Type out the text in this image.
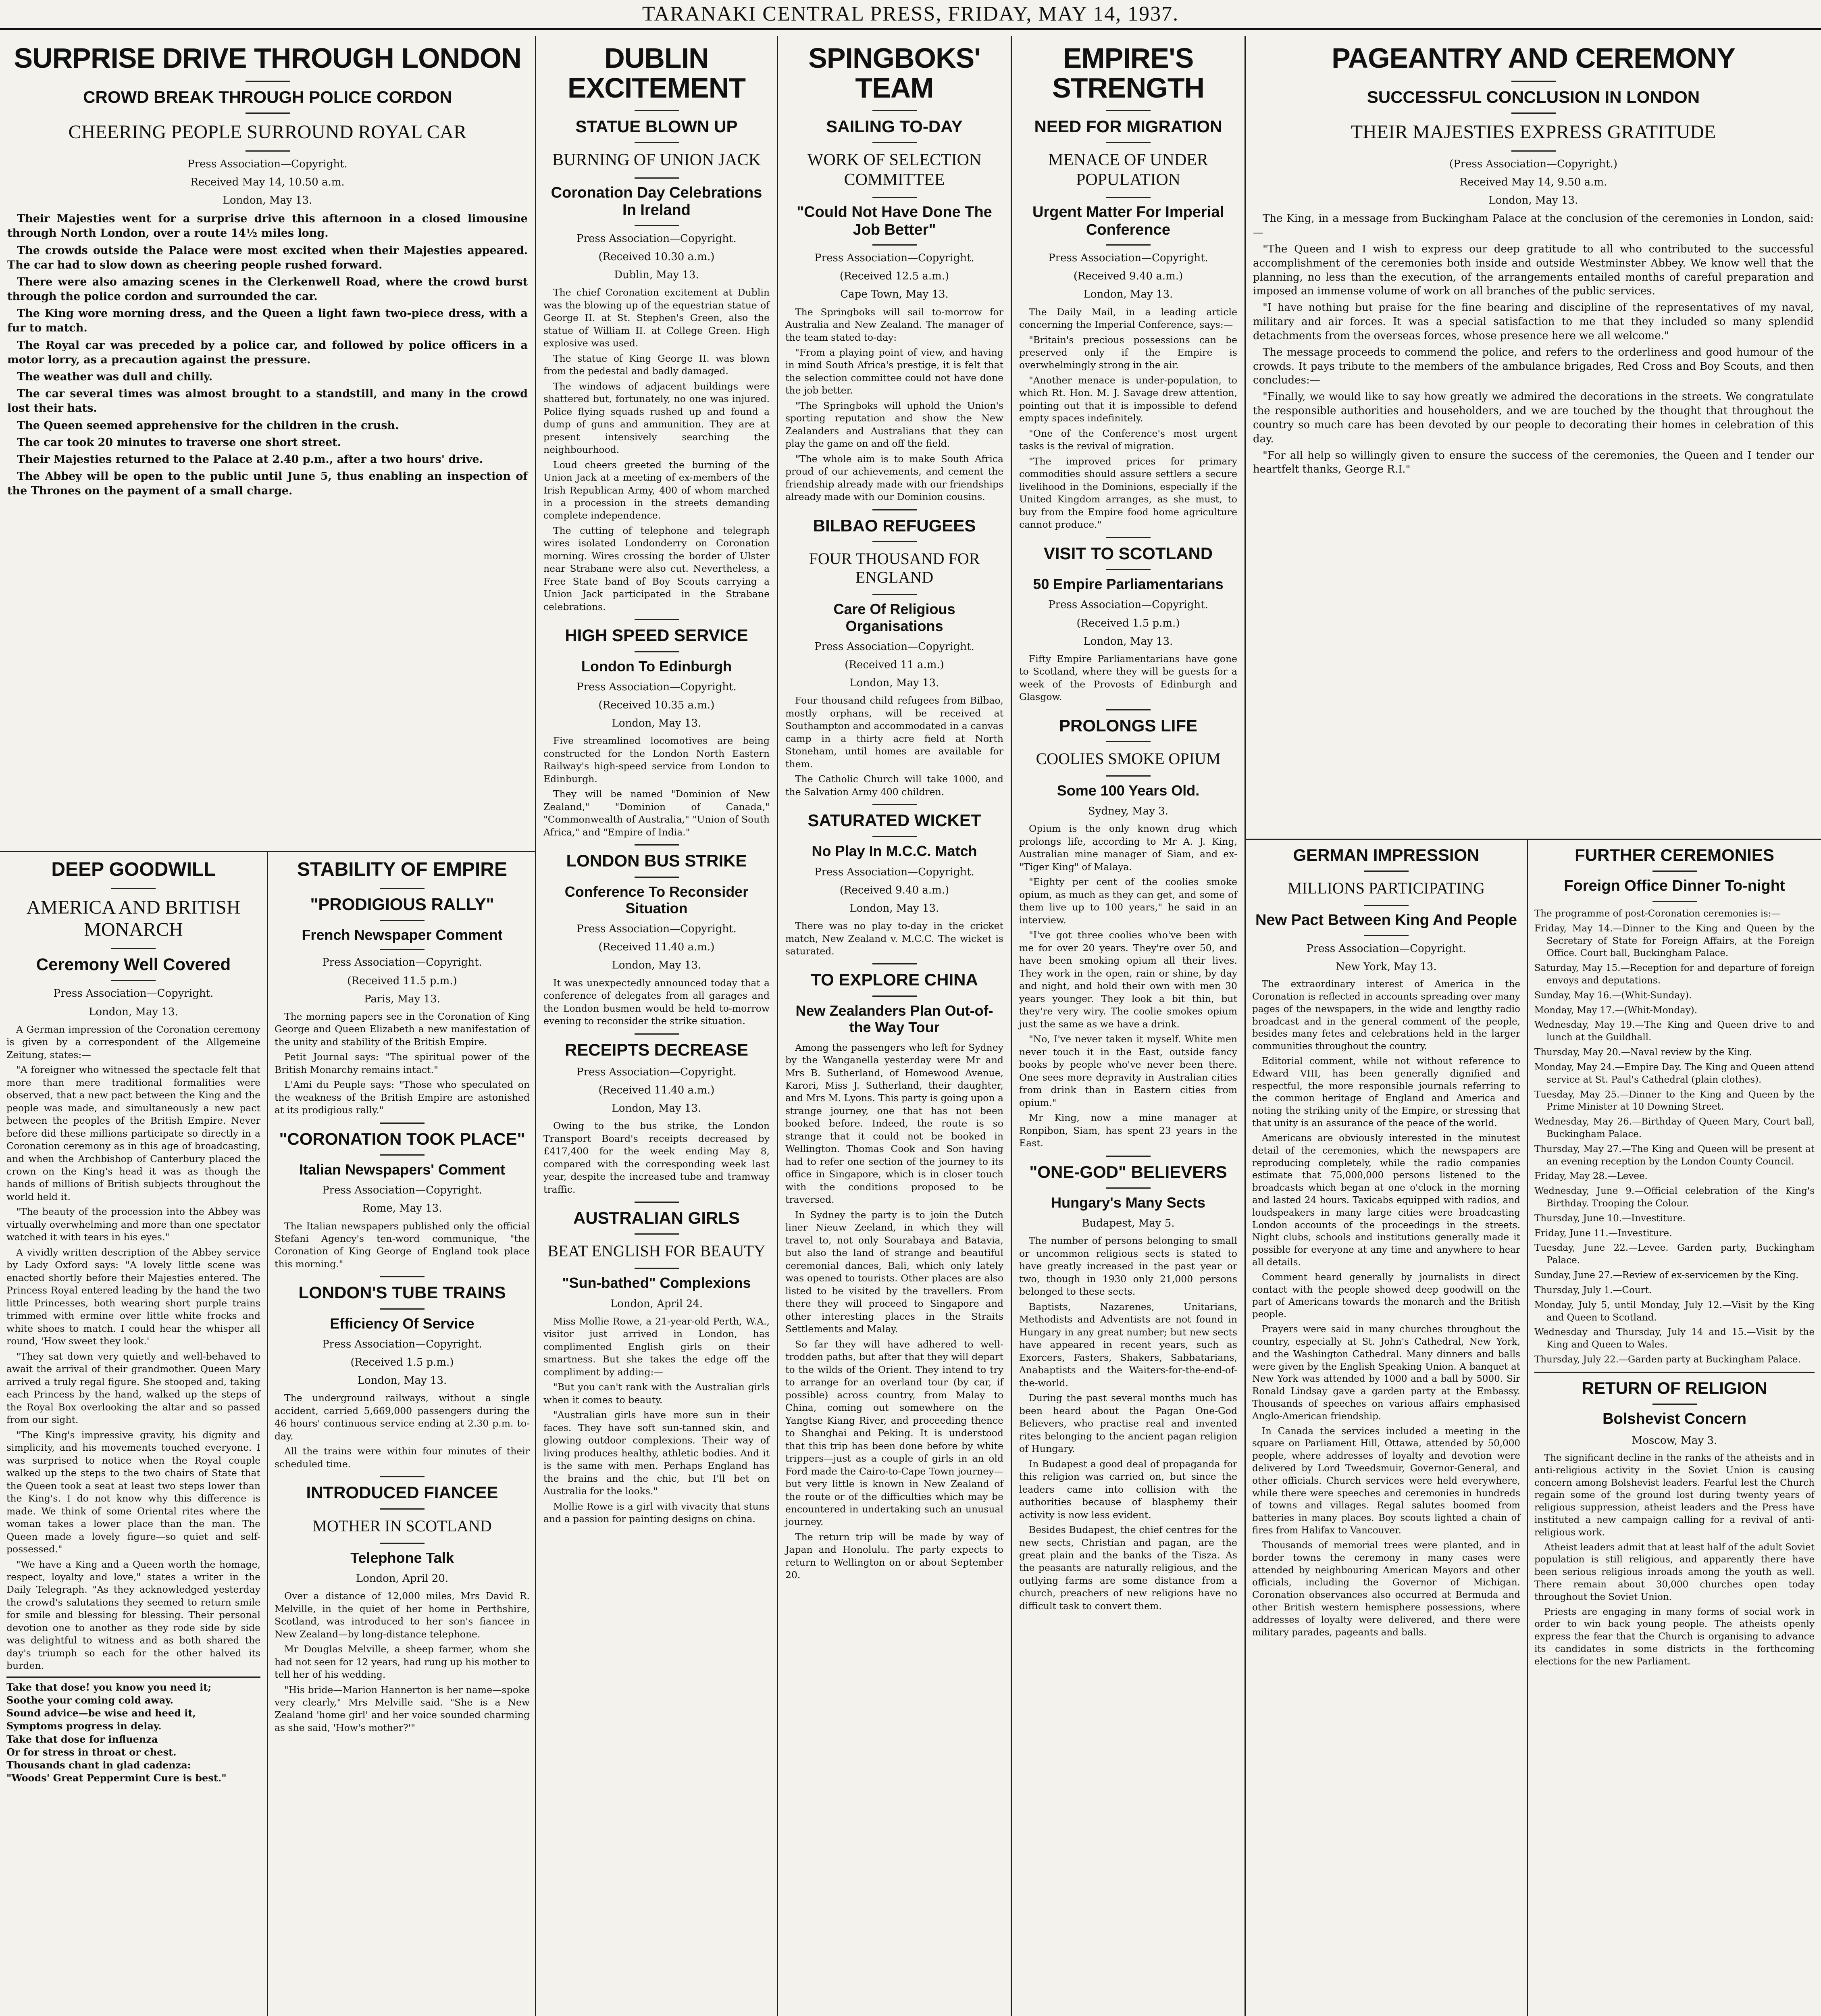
TARANAKI CENTRAL PRESS, FRIDAY, MAY 14, 1937.
SURPRISE DRIVE THROUGH LONDON
CROWD BREAK THROUGH POLICE CORDON
CHEERING PEOPLE SURROUND ROYAL CAR
Press Association—Copyright.
Received May 14, 10.50 a.m.
London, May 13.

Their Majesties went for a surprise drive this afternoon in a closed limousine through North London, over a route 14½ miles long.

The crowds outside the Palace were most excited when their Majesties appeared. The car had to slow down as cheering people rushed forward.

There were also amazing scenes in the Clerkenwell Road, where the crowd burst through the police cordon and surrounded the car.

The King wore morning dress, and the Queen a light fawn two-piece dress, with a fur to match.

The Royal car was preceded by a police car, and followed by police officers in a motor lorry, as a precaution against the pressure.

The weather was dull and chilly.

The car several times was almost brought to a standstill, and many in the crowd lost their hats.

The Queen seemed apprehensive for the children in the crush.

The car took 20 minutes to traverse one short street.

Their Majesties returned to the Palace at 2.40 p.m., after a two hours' drive.

The Abbey will be open to the public until June 5, thus enabling an inspection of the Thrones on the payment of a small charge.

DEEP GOODWILL
AMERICA AND BRITISH MONARCH
Ceremony Well Covered
Press Association—Copyright.
London, May 13.

A German impression of the Coronation ceremony is given by a correspondent of the Allgemeine Zeitung, states:—

"A foreigner who witnessed the spectacle felt that more than mere traditional formalities were observed, that a new pact between the King and the people was made, and simultaneously a new pact between the peoples of the British Empire. Never before did these millions participate so directly in a Coronation ceremony as in this age of broadcasting, and when the Archbishop of Canterbury placed the crown on the King's head it was as though the hands of millions of British subjects throughout the world held it.

"The beauty of the procession into the Abbey was virtually overwhelming and more than one spectator watched it with tears in his eyes."

A vividly written description of the Abbey service by Lady Oxford says: "A lovely little scene was enacted shortly before their Majesties entered. The Princess Royal entered leading by the hand the two little Princesses, both wearing short purple trains trimmed with ermine over little white frocks and white shoes to match. I could hear the whisper all round, 'How sweet they look.'

"They sat down very quietly and well-behaved to await the arrival of their grandmother. Queen Mary arrived a truly regal figure. She stooped and, taking each Princess by the hand, walked up the steps of the Royal Box overlooking the altar and so passed from our sight.

"The King's impressive gravity, his dignity and simplicity, and his movements touched everyone. I was surprised to notice when the Royal couple walked up the steps to the two chairs of State that the Queen took a seat at least two steps lower than the King's. I do not know why this difference is made. We think of some Oriental rites where the woman takes a lower place than the man. The Queen made a lovely figure—so quiet and self-possessed."

"We have a King and a Queen worth the homage, respect, loyalty and love," states a writer in the Daily Telegraph. "As they acknowledged yesterday the crowd's salutations they seemed to return smile for smile and blessing for blessing. Their personal devotion one to another as they rode side by side was delightful to witness and as both shared the day's triumph so each for the other halved its burden.

Take that dose! you know you need it;
Soothe your coming cold away.
Sound advice—be wise and heed it,
Symptoms progress in delay.
Take that dose for influenza
Or for stress in throat or chest.
Thousands chant in glad cadenza:
"Woods' Great Peppermint Cure is best."
STABILITY OF EMPIRE
"PRODIGIOUS RALLY"
French Newspaper Comment
Press Association—Copyright.
(Received 11.5 p.m.)
Paris, May 13.

The morning papers see in the Coronation of King George and Queen Elizabeth a new manifestation of the unity and stability of the British Empire.

Petit Journal says: "The spiritual power of the British Monarchy remains intact."

L'Ami du Peuple says: "Those who speculated on the weakness of the British Empire are astonished at its prodigious rally."

"CORONATION TOOK PLACE"
Italian Newspapers' Comment
Press Association—Copyright.
Rome, May 13.

The Italian newspapers published only the official Stefani Agency's ten-word communique, "the Coronation of King George of England took place this morning."

LONDON'S TUBE TRAINS
Efficiency Of Service
Press Association—Copyright.
(Received 1.5 p.m.)
London, May 13.

The underground railways, without a single accident, carried 5,669,000 passengers during the 46 hours' continuous service ending at 2.30 p.m. to-day.

All the trains were within four minutes of their scheduled time.

INTRODUCED FIANCEE
MOTHER IN SCOTLAND
Telephone Talk
London, April 20.

Over a distance of 12,000 miles, Mrs David R. Melville, in the quiet of her home in Perthshire, Scotland, was introduced to her son's fiancee in New Zealand—by long-distance telephone.

Mr Douglas Melville, a sheep farmer, whom she had not seen for 12 years, had rung up his mother to tell her of his wedding.

"His bride—Marion Hannerton is her name—spoke very clearly," Mrs Melville said. "She is a New Zealand 'home girl' and her voice sounded charming as she said, 'How's mother?'"

DUBLIN EXCITEMENT
STATUE BLOWN UP
BURNING OF UNION JACK
Coronation Day Celebrations In Ireland
Press Association—Copyright.
(Received 10.30 a.m.)
Dublin, May 13.

The chief Coronation excitement at Dublin was the blowing up of the equestrian statue of George II. at St. Stephen's Green, also the statue of William II. at College Green. High explosive was used.

The statue of King George II. was blown from the pedestal and badly damaged.

The windows of adjacent buildings were shattered but, fortunately, no one was injured. Police flying squads rushed up and found a dump of guns and ammunition. They are at present intensively searching the neighbourhood.

Loud cheers greeted the burning of the Union Jack at a meeting of ex-members of the Irish Republican Army, 400 of whom marched in a procession in the streets demanding complete independence.

The cutting of telephone and telegraph wires isolated Londonderry on Coronation morning. Wires crossing the border of Ulster near Strabane were also cut. Nevertheless, a Free State band of Boy Scouts carrying a Union Jack participated in the Strabane celebrations.

HIGH SPEED SERVICE
London To Edinburgh
Press Association—Copyright.
(Received 10.35 a.m.)
London, May 13.

Five streamlined locomotives are being constructed for the London North Eastern Railway's high-speed service from London to Edinburgh.

They will be named "Dominion of New Zealand," "Dominion of Canada," "Commonwealth of Australia," "Union of South Africa," and "Empire of India."

LONDON BUS STRIKE
Conference To Reconsider Situation
Press Association—Copyright.
(Received 11.40 a.m.)
London, May 13.

It was unexpectedly announced today that a conference of delegates from all garages and the London busmen would be held to-morrow evening to reconsider the strike situation.

RECEIPTS DECREASE
Press Association—Copyright.
(Received 11.40 a.m.)
London, May 13.

Owing to the bus strike, the London Transport Board's receipts decreased by £417,400 for the week ending May 8, compared with the corresponding week last year, despite the increased tube and tramway traffic.

AUSTRALIAN GIRLS
BEAT ENGLISH FOR BEAUTY
"Sun-bathed" Complexions
London, April 24.

Miss Mollie Rowe, a 21-year-old Perth, W.A., visitor just arrived in London, has complimented English girls on their smartness. But she takes the edge off the compliment by adding:—

"But you can't rank with the Australian girls when it comes to beauty.

"Australian girls have more sun in their faces. They have soft sun-tanned skin, and glowing outdoor complexions. Their way of living produces healthy, athletic bodies. And it is the same with men. Perhaps England has the brains and the chic, but I'll bet on Australia for the looks."

Mollie Rowe is a girl with vivacity that stuns and a passion for painting designs on china.

SPINGBOKS' TEAM
SAILING TO-DAY
WORK OF SELECTION COMMITTEE
"Could Not Have Done The Job Better"
Press Association—Copyright.
(Received 12.5 a.m.)
Cape Town, May 13.

The Springboks will sail to-morrow for Australia and New Zealand. The manager of the team stated to-day:

"From a playing point of view, and having in mind South Africa's prestige, it is felt that the selection committee could not have done the job better.

"The Springboks will uphold the Union's sporting reputation and show the New Zealanders and Australians that they can play the game on and off the field.

"The whole aim is to make South Africa proud of our achievements, and cement the friendship already made with our friendships already made with our Dominion cousins.

BILBAO REFUGEES
FOUR THOUSAND FOR ENGLAND
Care Of Religious Organisations
Press Association—Copyright.
(Received 11 a.m.)
London, May 13.

Four thousand child refugees from Bilbao, mostly orphans, will be received at Southampton and accommodated in a canvas camp in a thirty acre field at North Stoneham, until homes are available for them.

The Catholic Church will take 1000, and the Salvation Army 400 children.

SATURATED WICKET
No Play In M.C.C. Match
Press Association—Copyright.
(Received 9.40 a.m.)
London, May 13.

There was no play to-day in the cricket match, New Zealand v. M.C.C. The wicket is saturated.

TO EXPLORE CHINA
New Zealanders Plan Out-of-the Way Tour

Among the passengers who left for Sydney by the Wanganella yesterday were Mr and Mrs B. Sutherland, of Homewood Avenue, Karori, Miss J. Sutherland, their daughter, and Mrs M. Lyons. This party is going upon a strange journey, one that has not been booked before. Indeed, the route is so strange that it could not be booked in Wellington. Thomas Cook and Son having had to refer one section of the journey to its office in Singapore, which is in closer touch with the conditions proposed to be traversed.

In Sydney the party is to join the Dutch liner Nieuw Zeeland, in which they will travel to, not only Sourabaya and Batavia, but also the land of strange and beautiful ceremonial dances, Bali, which only lately was opened to tourists. Other places are also listed to be visited by the travellers. From there they will proceed to Singapore and other interesting places in the Straits Settlements and Malay.

So far they will have adhered to well-trodden paths, but after that they will depart to the wilds of the Orient. They intend to try to arrange for an overland tour (by car, if possible) across country, from Malay to China, coming out somewhere on the Yangtse Kiang River, and proceeding thence to Shanghai and Peking. It is understood that this trip has been done before by white trippers—just as a couple of girls in an old Ford made the Cairo-to-Cape Town journey—but very little is known in New Zealand of the route or of the difficulties which may be encountered in undertaking such an unusual journey.

The return trip will be made by way of Japan and Honolulu. The party expects to return to Wellington on or about September 20.

EMPIRE'S STRENGTH
NEED FOR MIGRATION
MENACE OF UNDER POPULATION
Urgent Matter For Imperial Conference
Press Association—Copyright.
(Received 9.40 a.m.)
London, May 13.

The Daily Mail, in a leading article concerning the Imperial Conference, says:—

"Britain's precious possessions can be preserved only if the Empire is overwhelmingly strong in the air.

"Another menace is under-population, to which Rt. Hon. M. J. Savage drew attention, pointing out that it is impossible to defend empty spaces indefinitely.

"One of the Conference's most urgent tasks is the revival of migration.

"The improved prices for primary commodities should assure settlers a secure livelihood in the Dominions, especially if the United Kingdom arranges, as she must, to buy from the Empire food home agriculture cannot produce."

VISIT TO SCOTLAND
50 Empire Parliamentarians
Press Association—Copyright.
(Received 1.5 p.m.)
London, May 13.

Fifty Empire Parliamentarians have gone to Scotland, where they will be guests for a week of the Provosts of Edinburgh and Glasgow.

PROLONGS LIFE
COOLIES SMOKE OPIUM
Some 100 Years Old.
Sydney, May 3.

Opium is the only known drug which prolongs life, according to Mr A. J. King, Australian mine manager of Siam, and ex-"Tiger King" of Malaya.

"Eighty per cent of the coolies smoke opium, as much as they can get, and some of them live up to 100 years," he said in an interview.

"I've got three coolies who've been with me for over 20 years. They're over 50, and have been smoking opium all their lives. They work in the open, rain or shine, by day and night, and hold their own with men 30 years younger. They look a bit thin, but they're very wiry. The coolie smokes opium just the same as we have a drink.

"No, I've never taken it myself. White men never touch it in the East, outside fancy books by people who've never been there. One sees more depravity in Australian cities from drink than in Eastern cities from opium."

Mr King, now a mine manager at Ronpibon, Siam, has spent 23 years in the East.

"ONE-GOD" BELIEVERS
Hungary's Many Sects
Budapest, May 5.

The number of persons belonging to small or uncommon religious sects is stated to have greatly increased in the past year or two, though in 1930 only 21,000 persons belonged to these sects.

Baptists, Nazarenes, Unitarians, Methodists and Adventists are not found in Hungary in any great number; but new sects have appeared in recent years, such as Exorcers, Fasters, Shakers, Sabbatarians, Anabaptists and the Waiters-for-the-end-of-the-world.

During the past several months much has been heard about the Pagan One-God Believers, who practise real and invented rites belonging to the ancient pagan religion of Hungary.

In Budapest a good deal of propaganda for this religion was carried on, but since the leaders came into collision with the authorities because of blasphemy their activity is now less evident.

Besides Budapest, the chief centres for the new sects, Christian and pagan, are the great plain and the banks of the Tisza. As the peasants are naturally religious, and the outlying farms are some distance from a church, preachers of new religions have no difficult task to convert them.

PAGEANTRY AND CEREMONY
SUCCESSFUL CONCLUSION IN LONDON
THEIR MAJESTIES EXPRESS GRATITUDE
(Press Association—Copyright.)
Received May 14, 9.50 a.m.
London, May 13.

The King, in a message from Buckingham Palace at the conclusion of the ceremonies in London, said:—

"The Queen and I wish to express our deep gratitude to all who contributed to the successful accomplishment of the ceremonies both inside and outside Westminster Abbey. We know well that the planning, no less than the execution, of the arrangements entailed months of careful preparation and imposed an immense volume of work on all branches of the public services.

"I have nothing but praise for the fine bearing and discipline of the representatives of my naval, military and air forces. It was a special satisfaction to me that they included so many splendid detachments from the overseas forces, whose presence here we all welcome."

The message proceeds to commend the police, and refers to the orderliness and good humour of the crowds. It pays tribute to the members of the ambulance brigades, Red Cross and Boy Scouts, and then concludes:—

"Finally, we would like to say how greatly we admired the decorations in the streets. We congratulate the responsible authorities and householders, and we are touched by the thought that throughout the country so much care has been devoted by our people to decorating their homes in celebration of this day.

"For all help so willingly given to ensure the success of the ceremonies, the Queen and I tender our heartfelt thanks, George R.I."

GERMAN IMPRESSION
MILLIONS PARTICIPATING
New Pact Between King And People
Press Association—Copyright.
New York, May 13.

The extraordinary interest of America in the Coronation is reflected in accounts spreading over many pages of the newspapers, in the wide and lengthy radio broadcast and in the general comment of the people, besides many fetes and celebrations held in the larger communities throughout the country.

Editorial comment, while not without reference to Edward VIII, has been generally dignified and respectful, the more responsible journals referring to the common heritage of England and America and noting the striking unity of the Empire, or stressing that that unity is an assurance of the peace of the world.

Americans are obviously interested in the minutest detail of the ceremonies, which the newspapers are reproducing completely, while the radio companies estimate that 75,000,000 persons listened to the broadcasts which began at one o'clock in the morning and lasted 24 hours. Taxicabs equipped with radios, and loudspeakers in many large cities were broadcasting London accounts of the proceedings in the streets. Night clubs, schools and institutions generally made it possible for everyone at any time and anywhere to hear all details.

Comment heard generally by journalists in direct contact with the people showed deep goodwill on the part of Americans towards the monarch and the British people.

Prayers were said in many churches throughout the country, especially at St. John's Cathedral, New York, and the Washington Cathedral. Many dinners and balls were given by the English Speaking Union. A banquet at New York was attended by 1000 and a ball by 5000. Sir Ronald Lindsay gave a garden party at the Embassy. Thousands of speeches on various affairs emphasised Anglo-American friendship.

In Canada the services included a meeting in the square on Parliament Hill, Ottawa, attended by 50,000 people, where addresses of loyalty and devotion were delivered by Lord Tweedsmuir, Governor-General, and other officials. Church services were held everywhere, while there were speeches and ceremonies in hundreds of towns and villages. Regal salutes boomed from batteries in many places. Boy scouts lighted a chain of fires from Halifax to Vancouver.

Thousands of memorial trees were planted, and in border towns the ceremony in many cases were attended by neighbouring American Mayors and other officials, including the Governor of Michigan. Coronation observances also occurred at Bermuda and other British western hemisphere possessions, where addresses of loyalty were delivered, and there were military parades, pageants and balls.

FURTHER CEREMONIES
Foreign Office Dinner To-night

The programme of post-Coronation ceremonies is:—

Friday, May 14.—Dinner to the King and Queen by the Secretary of State for Foreign Affairs, at the Foreign Office. Court ball, Buckingham Palace.

Saturday, May 15.—Reception for and departure of foreign envoys and deputations.

Sunday, May 16.—(Whit-Sunday).

Monday, May 17.—(Whit-Monday).

Wednesday, May 19.—The King and Queen drive to and lunch at the Guildhall.

Thursday, May 20.—Naval review by the King.

Monday, May 24.—Empire Day. The King and Queen attend service at St. Paul's Cathedral (plain clothes).

Tuesday, May 25.—Dinner to the King and Queen by the Prime Minister at 10 Downing Street.

Wednesday, May 26.—Birthday of Queen Mary, Court ball, Buckingham Palace.

Thursday, May 27.—The King and Queen will be present at an evening reception by the London County Council.

Friday, May 28.—Levee.

Wednesday, June 9.—Official celebration of the King's Birthday. Trooping the Colour.

Thursday, June 10.—Investiture.

Friday, June 11.—Investiture.

Tuesday, June 22.—Levee. Garden party, Buckingham Palace.

Sunday, June 27.—Review of ex-servicemen by the King.

Thursday, July 1.—Court.

Monday, July 5, until Monday, July 12.—Visit by the King and Queen to Scotland.

Wednesday and Thursday, July 14 and 15.—Visit by the King and Queen to Wales.

Thursday, July 22.—Garden party at Buckingham Palace.

RETURN OF RELIGION
Bolshevist Concern
Moscow, May 3.

The significant decline in the ranks of the atheists and in anti-religious activity in the Soviet Union is causing concern among Bolshevist leaders. Fearful lest the Church regain some of the ground lost during twenty years of religious suppression, atheist leaders and the Press have instituted a new campaign calling for a revival of anti-religious work.

Atheist leaders admit that at least half of the adult Soviet population is still religious, and apparently there have been serious religious inroads among the youth as well. There remain about 30,000 churches open today throughout the Soviet Union.

Priests are engaging in many forms of social work in order to win back young people. The atheists openly express the fear that the Church is organising to advance its candidates in some districts in the forthcoming elections for the new Parliament.
